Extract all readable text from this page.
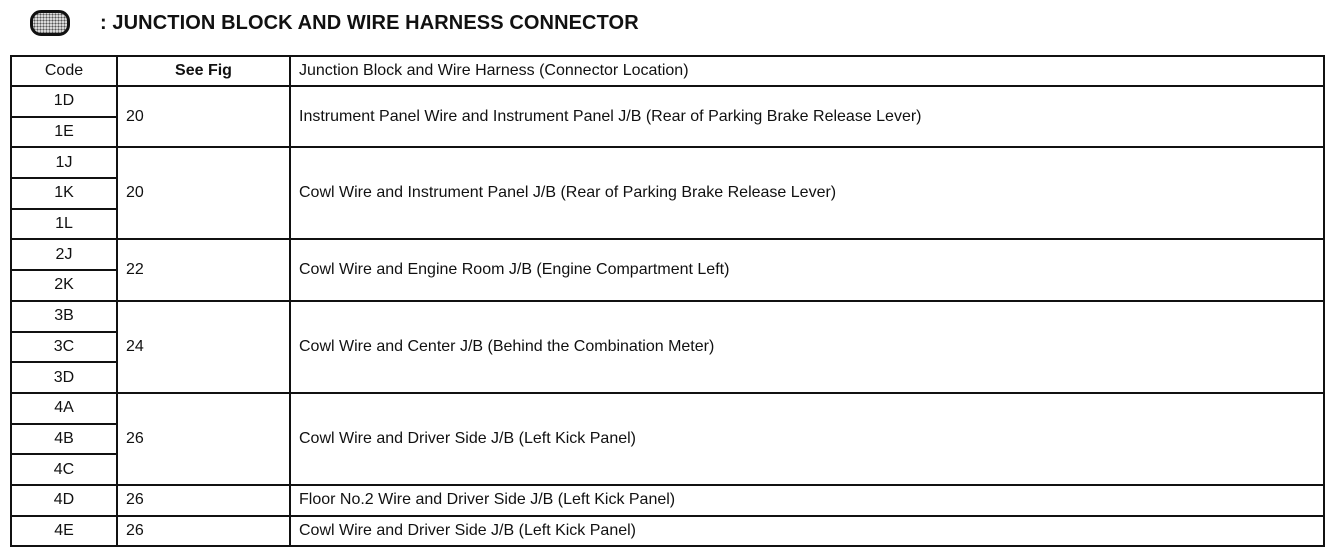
: JUNCTION BLOCK AND WIRE HARNESS CONNECTOR
Code	See Fig	Junction Block and Wire Harness (Connector Location)
1D	20	Instrument Panel Wire and Instrument Panel J/B (Rear of Parking Brake Release Lever)
1E		
1J	20	Cowl Wire and Instrument Panel J/B (Rear of Parking Brake Release Lever)
1K		
1L		
2J	22	Cowl Wire and Engine Room J/B (Engine Compartment Left)
2K		
3B	24	Cowl Wire and Center J/B (Behind the Combination Meter)
3C		
3D		
4A	26	Cowl Wire and Driver Side J/B (Left Kick Panel)
4B		
4C		
4D	26	Floor No.2 Wire and Driver Side J/B (Left Kick Panel)
4E	26	Cowl Wire and Driver Side J/B (Left Kick Panel)
